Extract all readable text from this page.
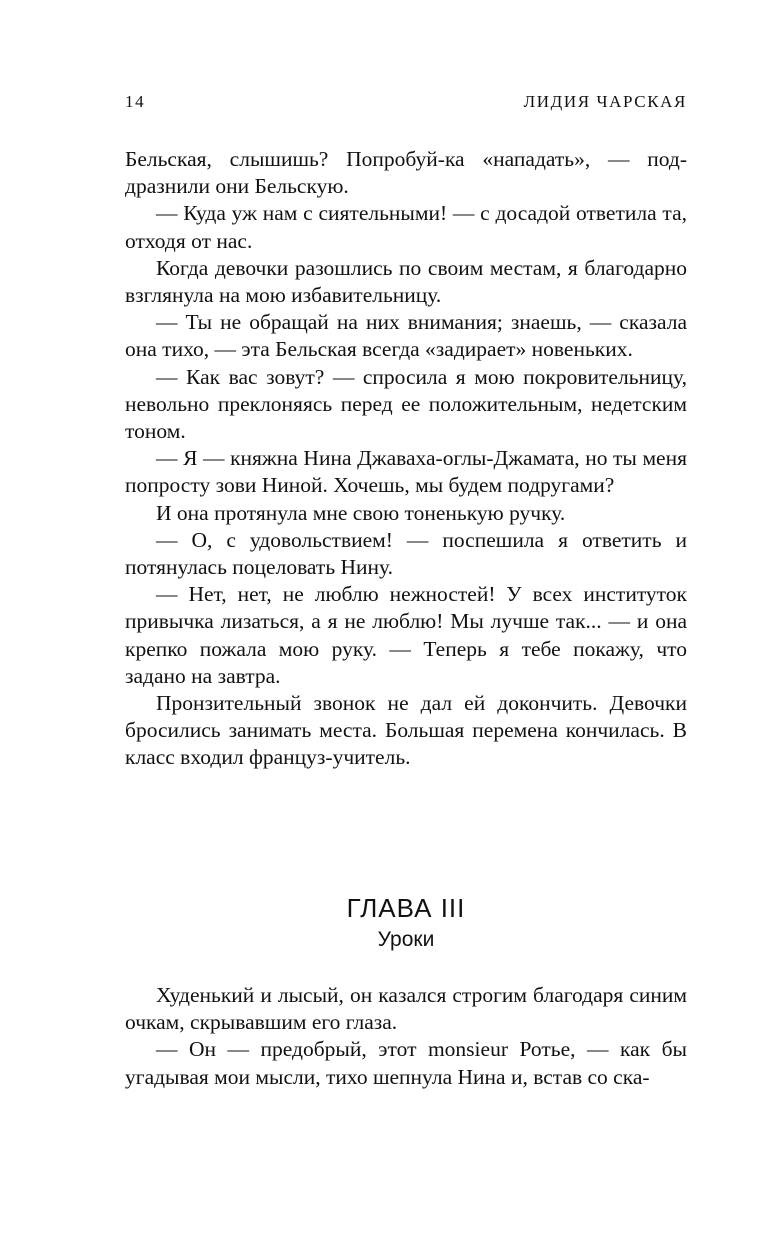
14	ЛИДИЯ ЧАРСКАЯ

Бельская, слышишь? Попробуй-ка «нападать», — поддразнили они Бельскую.

— Куда уж нам с сиятельными! — с досадой ответила та, отходя от нас.

Когда девочки разошлись по своим местам, я благодарно взглянула на мою избавительницу.

— Ты не обращай на них внимания; знаешь, — сказала она тихо, — эта Бельская всегда «задирает» новеньких.

— Как вас зовут? — спросила я мою покровительницу, невольно преклоняясь перед ее положительным, недетским тоном.

— Я — княжна Нина Джаваха-оглы-Джамата, но ты меня попросту зови Ниной. Хочешь, мы будем подругами?

И она протянула мне свою тоненькую ручку.

— О, с удовольствием! — поспешила я ответить и потянулась поцеловать Нину.

— Нет, нет, не люблю нежностей! У всех институток привычка лизаться, а я не люблю! Мы лучше так... — и она крепко пожала мою руку. — Теперь я тебе покажу, что задано на завтра.

Пронзительный звонок не дал ей докончить. Девочки бросились занимать места. Большая перемена кончилась. В класс входил француз-учитель.

ГЛАВА III
Уроки

Худенький и лысый, он казался строгим благодаря синим очкам, скрывавшим его глаза.

— Он — предобрый, этот monsieur Ротье, — как бы угадывая мои мысли, тихо шепнула Нина и, встав со ска-
